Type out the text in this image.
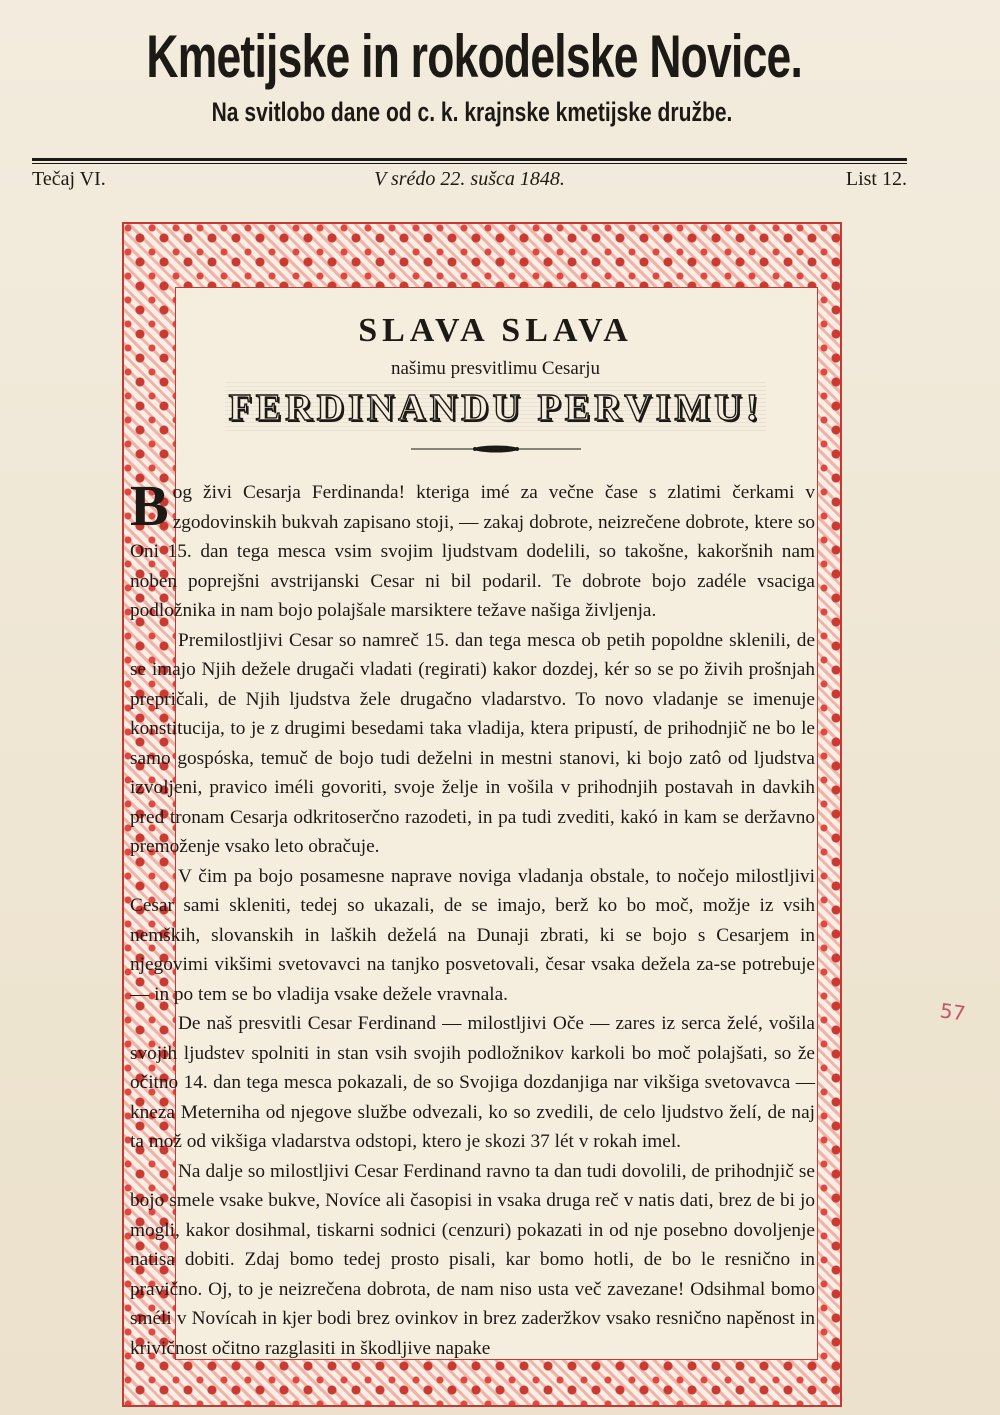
Kmetijske in rokodelske Novice.
Na svitlobo dane od c. k. krajnske kmetijske družbe.
Tečaj VI.	V srédo 22. sušca 1848.	List 12.
SLAVA SLAVA
našimu presvitlimu Cesarju
FERDINANDU PERVIMU!

Bog živi Cesarja Ferdinanda! kteriga imé za večne čase s zlatimi čerkami v zgodovinskih bukvah zapisano stoji, — zakaj dobrote, neizrečene dobrote, ktere so Oni 15. dan tega mesca vsim svojim ljudstvam dodelili, so takošne, kakoršnih nam noben poprejšni avstrijanski Cesar ni bil podaril. Te dobrote bojo zadéle vsaciga podložnika in nam bojo polajšale marsiktere težave našiga življenja.

Premilostljivi Cesar so namreč 15. dan tega mesca ob petih popoldne sklenili, de se imajo Njih dežele drugači vladati (regirati) kakor dozdej, kér so se po živih prošnjah prepričali, de Njih ljudstva žele drugačno vladarstvo. To novo vladanje se imenuje konstitucija, to je z drugimi besedami taka vladija, ktera pripustí, de prihodnjič ne bo le samo gospóska, temuč de bojo tudi deželni in mestni stanovi, ki bojo zatô od ljudstva izvoljeni, pravico iméli govoriti, svoje želje in vošila v prihodnjih postavah in davkih pred tronam Cesarja odkritoserčno razodeti, in pa tudi zvediti, kakó in kam se deržavno premoženje vsako leto obračuje.

V čim pa bojo posamesne naprave noviga vladanja obstale, to nočejo milostljivi Cesar sami skleniti, tedej so ukazali, de se imajo, berž ko bo moč, možje iz vsih nemških, slovanskih in laških deželá na Dunaji zbrati, ki se bojo s Cesarjem in njegovimi vikšimi svetovavci na tanjko posvetovali, česar vsaka dežela za-se potrebuje — in po tem se bo vladija vsake dežele vravnala.

De naš presvitli Cesar Ferdinand — milostljivi Oče — zares iz serca želé, vošila svojih ljudstev spolniti in stan vsih svojih podložnikov karkoli bo moč polajšati, so že očitno 14. dan tega mesca pokazali, de so Svojiga dozdanjiga nar vikšiga svetovavca — kneza Meterniha od njegove službe odvezali, ko so zvedili, de celo ljudstvo želí, de naj ta mož od vikšiga vladarstva odstopi, ktero je skozi 37 lét v rokah imel.

Na dalje so milostljivi Cesar Ferdinand ravno ta dan tudi dovolili, de prihodnjič se bojo smele vsake bukve, Novíce ali časopisi in vsaka druga reč v natis dati, brez de bi jo mogli, kakor dosihmal, tiskarni sodnici (cenzuri) pokazati in od nje posebno dovoljenje natisa dobiti. Zdaj bomo tedej prosto pisali, kar bomo hotli, de bo le resnično in pravično. Oj, to je neizrečena dobrota, de nam niso usta več zavezane! Odsihmal bomo sméli v Novícah in kjer bodi brez ovinkov in brez zaderžkov vsako resnično napěnost in krivičnost očitno razglasiti in škodljive napake

57
